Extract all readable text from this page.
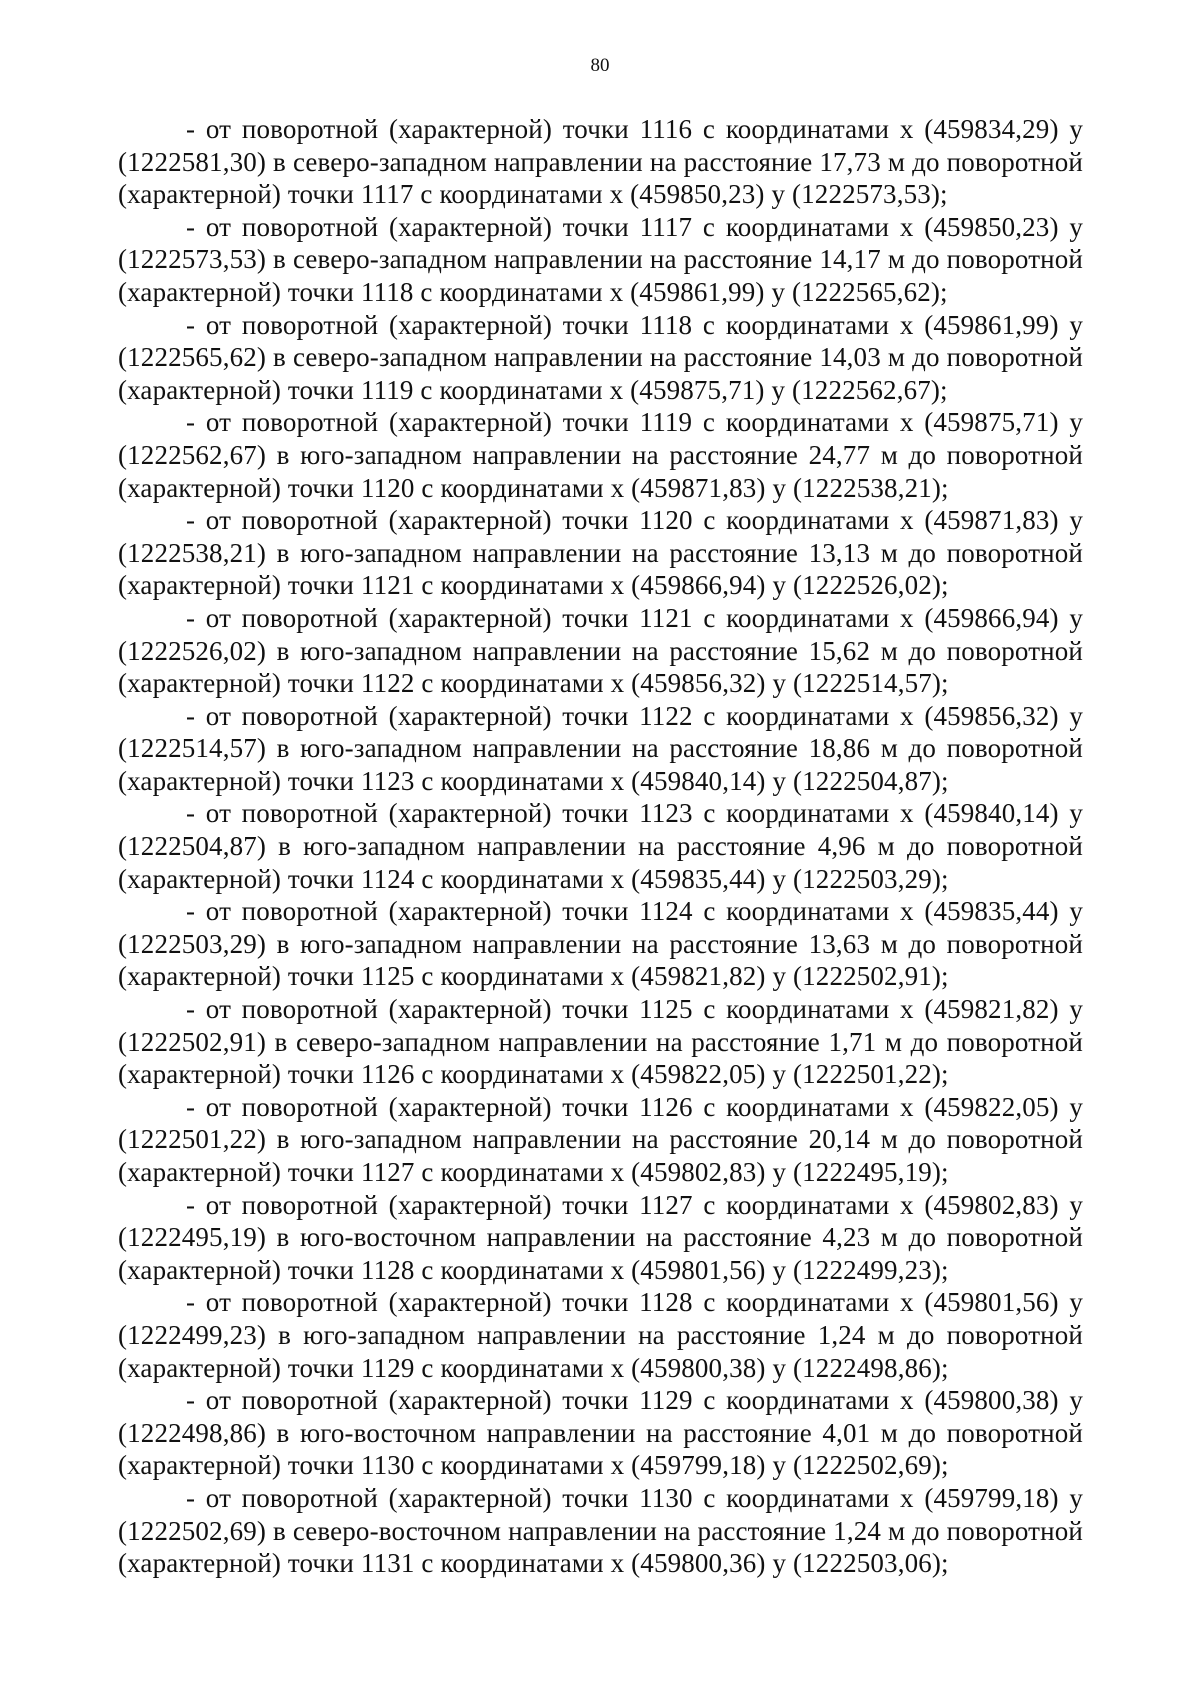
80

- от поворотной (характерной) точки 1116 с координатами х (459834,29) у (1222581,30) в северо-западном направлении на расстояние 17,73 м до поворотной (характерной) точки 1117 с координатами х (459850,23) у (1222573,53);

- от поворотной (характерной) точки 1117 с координатами х (459850,23) у (1222573,53) в северо-западном направлении на расстояние 14,17 м до поворотной (характерной) точки 1118 с координатами х (459861,99) у (1222565,62);

- от поворотной (характерной) точки 1118 с координатами х (459861,99) у (1222565,62) в северо-западном направлении на расстояние 14,03 м до поворотной (характерной) точки 1119 с координатами х (459875,71) у (1222562,67);

- от поворотной (характерной) точки 1119 с координатами х (459875,71) у (1222562,67) в юго-западном направлении на расстояние 24,77 м до поворотной (характерной) точки 1120 с координатами х (459871,83) у (1222538,21);

- от поворотной (характерной) точки 1120 с координатами х (459871,83) у (1222538,21) в юго-западном направлении на расстояние 13,13 м до поворотной (характерной) точки 1121 с координатами х (459866,94) у (1222526,02);

- от поворотной (характерной) точки 1121 с координатами х (459866,94) у (1222526,02) в юго-западном направлении на расстояние 15,62 м до поворотной (характерной) точки 1122 с координатами х (459856,32) у (1222514,57);

- от поворотной (характерной) точки 1122 с координатами х (459856,32) у (1222514,57) в юго-западном направлении на расстояние 18,86 м до поворотной (характерной) точки 1123 с координатами х (459840,14) у (1222504,87);

- от поворотной (характерной) точки 1123 с координатами х (459840,14) у (1222504,87) в юго-западном направлении на расстояние 4,96 м до поворотной (характерной) точки 1124 с координатами х (459835,44) у (1222503,29);

- от поворотной (характерной) точки 1124 с координатами х (459835,44) у (1222503,29) в юго-западном направлении на расстояние 13,63 м до поворотной (характерной) точки 1125 с координатами х (459821,82) у (1222502,91);

- от поворотной (характерной) точки 1125 с координатами х (459821,82) у (1222502,91) в северо-западном направлении на расстояние 1,71 м до поворотной (характерной) точки 1126 с координатами х (459822,05) у (1222501,22);

- от поворотной (характерной) точки 1126 с координатами х (459822,05) у (1222501,22) в юго-западном направлении на расстояние 20,14 м до поворотной (характерной) точки 1127 с координатами х (459802,83) у (1222495,19);

- от поворотной (характерной) точки 1127 с координатами х (459802,83) у (1222495,19) в юго-восточном направлении на расстояние 4,23 м до поворотной (характерной) точки 1128 с координатами х (459801,56) у (1222499,23);

- от поворотной (характерной) точки 1128 с координатами х (459801,56) у (1222499,23) в юго-западном направлении на расстояние 1,24 м до поворотной (характерной) точки 1129 с координатами х (459800,38) у (1222498,86);

- от поворотной (характерной) точки 1129 с координатами х (459800,38) у (1222498,86) в юго-восточном направлении на расстояние 4,01 м до поворотной (характерной) точки 1130 с координатами х (459799,18) у (1222502,69);

- от поворотной (характерной) точки 1130 с координатами х (459799,18) у (1222502,69) в северо-восточном направлении на расстояние 1,24 м до поворотной (характерной) точки 1131 с координатами х (459800,36) у (1222503,06);
